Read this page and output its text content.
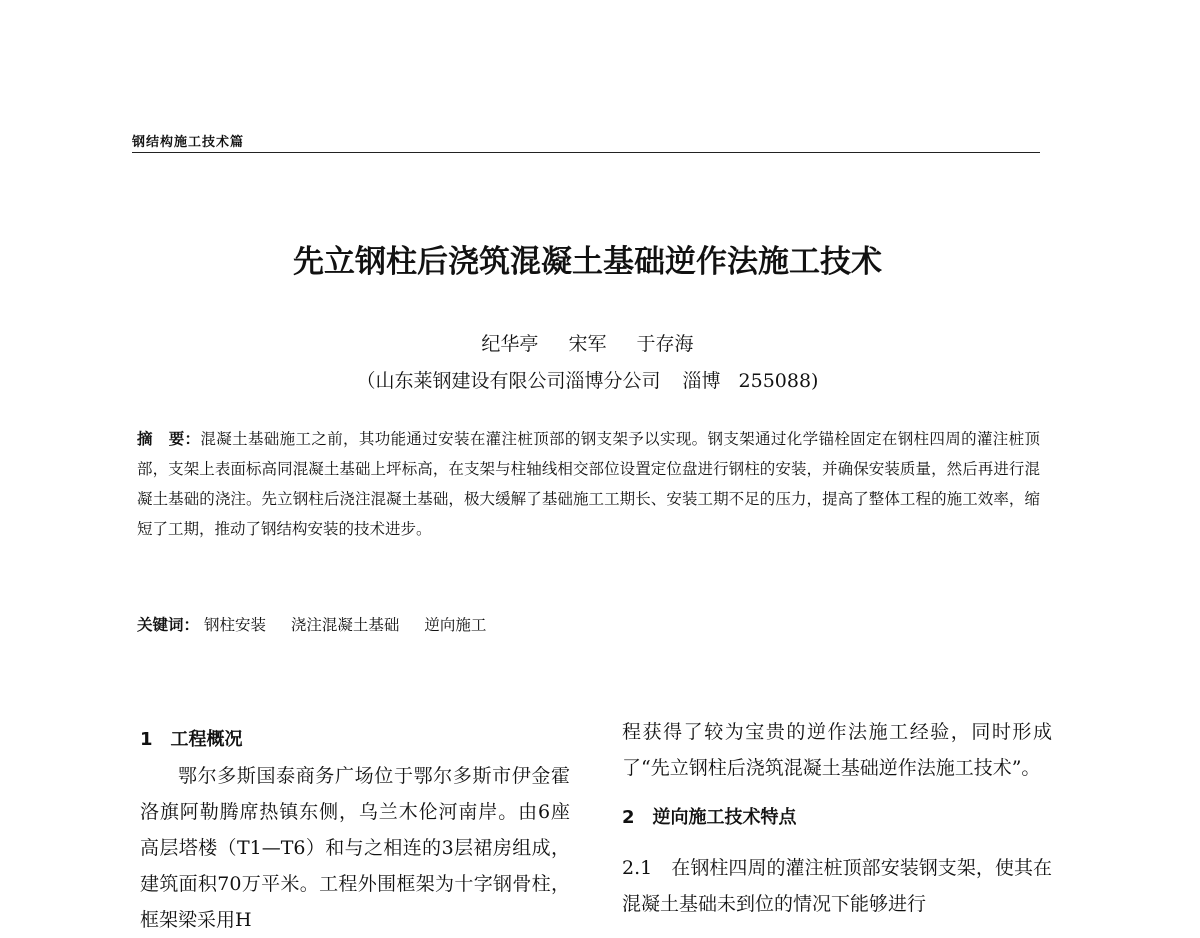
钢结构施工技术篇
先立钢柱后浇筑混凝土基础逆作法施工技术
纪华亭 宋军 于存海
（山东莱钢建设有限公司淄博分公司 淄博 255088)
摘　要：混凝土基础施工之前，其功能通过安装在灌注桩顶部的钢支架予以实现。钢支架通过化学锚栓固定在钢柱四周的灌注桩顶部，支架上表面标高同混凝土基础上坪标高，在支架与柱轴线相交部位设置定位盘进行钢柱的安装，并确保安装质量，然后再进行混凝土基础的浇注。先立钢柱后浇注混凝土基础，极大缓解了基础施工工期长、安装工期不足的压力，提高了整体工程的施工效率，缩短了工期，推动了钢结构安装的技术进步。
关键词： 钢柱安装 浇注混凝土基础 逆向施工
1 工程概况
鄂尔多斯国泰商务广场位于鄂尔多斯市伊金霍洛旗阿勒腾席热镇东侧，乌兰木伦河南岸。由6座高层塔楼（T1—T6）和与之相连的3层裙房组成，建筑面积70万平米。工程外围框架为十字钢骨柱，框架梁采用H
程获得了较为宝贵的逆作法施工经验，同时形成了“先立钢柱后浇筑混凝土基础逆作法施工技术”。
2 逆向施工技术特点
2.1　在钢柱四周的灌注桩顶部安装钢支架，使其在混凝土基础未到位的情况下能够进行
